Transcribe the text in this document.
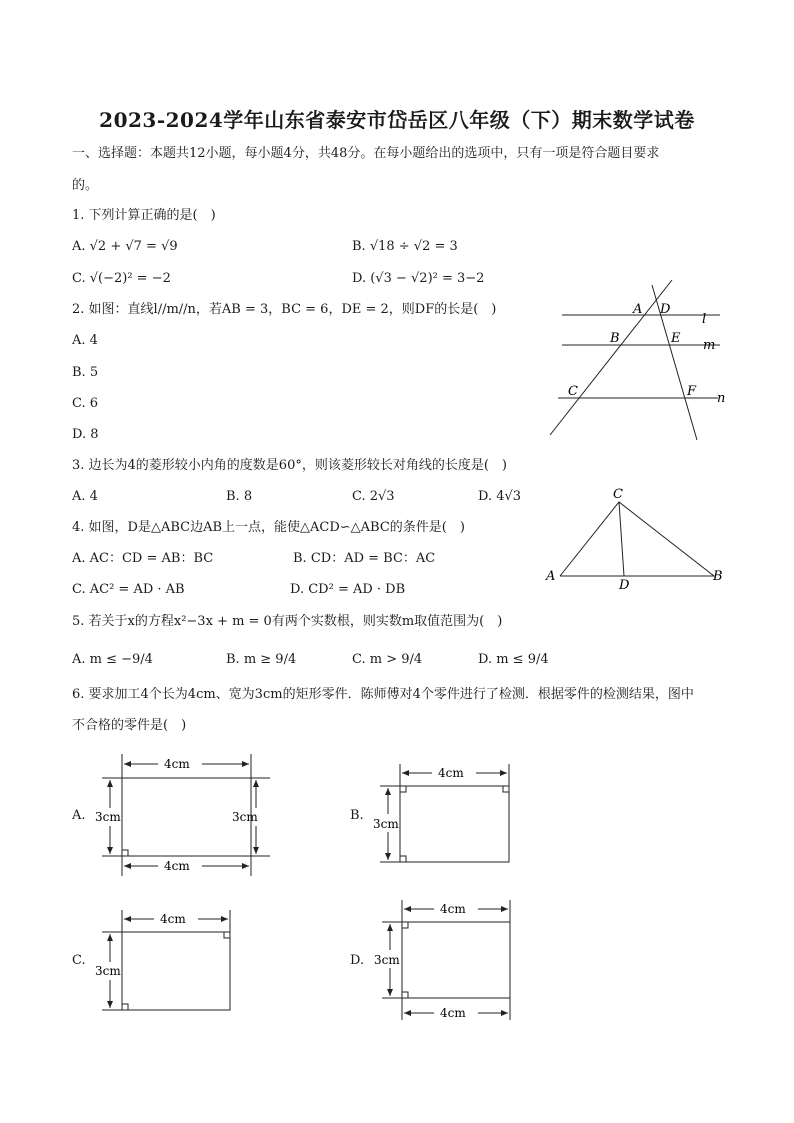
2023-2024学年山东省泰安市岱岳区八年级（下）期末数学试卷
一、选择题：本题共12小题，每小题4分，共48分。在每小题给出的选项中，只有一项是符合题目要求
的。
1. 下列计算正确的是(　)
A. √2 + √7 = √9	B. √18 ÷ √2 = 3
C. √(−2)² = −2	D. (√3 − √2)² = 3−2
2. 如图：直线l//m//n，若AB = 3，BC = 6，DE = 2，则DF的长是(　)
A. 4
B. 5
C. 6
D. 8
A D
B	E
C	F
l
m
n
3. 边长为4的菱形较小内角的度数是60°，则该菱形较长对角线的长度是(　)
A. 4	B. 8	C. 2√3	D. 4√3
4. 如图，D是△ABC边AB上一点，能使△ACD∽△ABC的条件是(　)
A. AC：CD = AB：BC	B. CD：AD = BC：AC
C. AC² = AD · AB	D. CD² = AD · DB
C
A
D
B
5. 若关于x的方程x²−3x + m = 0有两个实数根，则实数m取值范围为(　)
A. m ≤ −9/4	B. m ≥ 9/4	C. m > 9/4	D. m ≤ 9/4
6. 要求加工4个长为4cm、宽为3cm的矩形零件．陈师傅对4个零件进行了检测．根据零件的检测结果，图中
不合格的零件是(　)
A.
4cm
4cm
3cm	3cm	B.
4cm
3cm
C.
4cm
3cm
D.
4cm
4cm
3cm
